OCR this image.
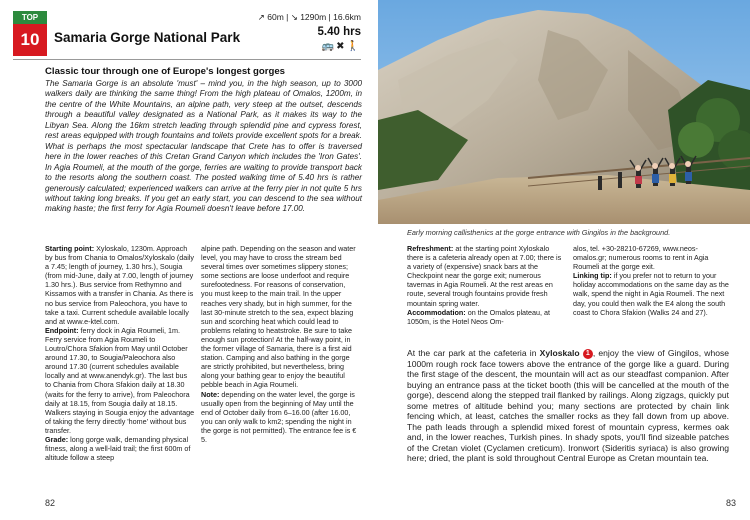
TOP
10	Samaria Gorge National Park
↗ 60m | ↘ 1290m | 16.6km
5.40 hrs
🚌✖🚶

Classic tour through one of Europe's longest gorges

The Samaria Gorge is an absolute 'must' – mind you, in the high season, up to 3000 walkers daily are thinking the same thing! From the high plateau of Omalos, 1200m, in the centre of the White Mountains, an alpine path, very steep at the outset, descends through a beautiful valley designated as a National Park, as it makes its way to the Libyan Sea. Along the 16km stretch leading through splendid pine and cypress forest, rest areas equipped with trough fountains and toilets provide excellent spots for a break. What is perhaps the most spectacular landscape that Crete has to offer is traversed here in the lower reaches of this Cretan Grand Canyon which includes the 'Iron Gates'. In Agia Roumeli, at the mouth of the gorge, ferries are waiting to provide transport back to the resorts along the southern coast. The posted walking time of 5.40 hrs is rather generously calculated; experienced walkers can arrive at the ferry pier in not quite 5 hrs without taking long breaks. If you get an early start, you can descend to the sea without making haste; the first ferry for Agia Roumeli doesn't leave before 17.00.

Starting point: Xyloskalo, 1230m. Approach by bus from Chania to Omalos/Xyloskalo (daily a 7.45; length of journey, 1.30 hrs.), Sougia (from mid-June, daily at 7.00, length of journey 1.30 hrs.). Bus service from Rethymno and Kissamos with a transfer in Chania. As there is no bus service from Paleochora, you have to take a taxi. Current schedule available locally and at www.e-ktel.com.

Endpoint: ferry dock in Agia Roumeli, 1m. Ferry service from Agia Roumeli to Loutro/Chora Sfakion from May until October around 17.30, to Sougia/Paleochora also around 17.30 (current schedules available locally and at www.anendyk.gr). The last bus to Chania from Chora Sfakion daily at 18.30 (waits for the ferry to arrive), from Paleochora daily at 18.15, from Sougia daily at 18.15. Walkers staying in Sougia enjoy the advantage of taking the ferry directly 'home' without bus transfer.

Grade: long gorge walk, demanding physical fitness, along a well-laid trail; the first 600m of altitude follow a steep

alpine path. Depending on the season and water level, you may have to cross the stream bed several times over sometimes slippery stones; some sections are loose underfoot and require surefootedness. For reasons of conservation, you must keep to the main trail. In the upper reaches very shady, but in high summer, for the last 30-minute stretch to the sea, expect blazing sun and scorching heat which could lead to problems relating to heatstroke. Be sure to take enough sun protection! At the half-way point, in the former village of Samaria, there is a first aid station. Camping and also bathing in the gorge are strictly prohibited, but nevertheless, bring along your bathing gear to enjoy the beautiful pebble beach in Agia Roumeli.

Note: depending on the water level, the gorge is usually open from the beginning of May until the end of October daily from 6–16.00 (after 16.00, you can only walk to km2; spending the night in the gorge is not permitted). The entrance fee is € 5.

82
Early morning callisthenics at the gorge entrance with Gingilos in the background.

Refreshment: at the starting point Xyloskalo there is a cafeteria already open at 7.00; there is a variety of (expensive) snack bars at the Checkpoint near the gorge exit; numerous tavernas in Agia Roumeli. At the rest areas en route, several trough fountains provide fresh mountain spring water.

Accommodation: on the Omalos plateau, at 1050m, is the Hotel Neos Om-

alos, tel. +30-28210-67269, www.neos-omalos.gr; numerous rooms to rent in Agia Roumeli at the gorge exit.

Linking tip: if you prefer not to return to your holiday accommodations on the same day as the walk, spend the night in Agia Roumeli. The next day, you could then walk the E4 along the south coast to Chora Sfakion (Walks 24 and 27).

At the car park at the cafeteria in Xyloskalo 1 , enjoy the view of Gingilos, whose 1000m rough rock face towers above the entrance of the gorge like a guard. During the first stage of the descent, the mountain will act as our steadfast companion. After buying an entrance pass at the ticket booth (this will be cancelled at the mouth of the gorge), descend along the stepped trail flanked by railings. Along zigzags, quickly put some metres of altitude behind you; many sections are protected by chain link fencing which, at least, catches the smaller rocks as they fall down from up above. The path leads through a splendid mixed forest of mountain cypress, kermes oak and, in the lower reaches, Turkish pines. In shady spots, you'll find sizeable patches of the Cretan violet (Cyclamen creticum). Ironwort (Sideritis syriaca) is also growing here; dried, the plant is sold throughout Central Europe as Cretan mountain tea.

83
